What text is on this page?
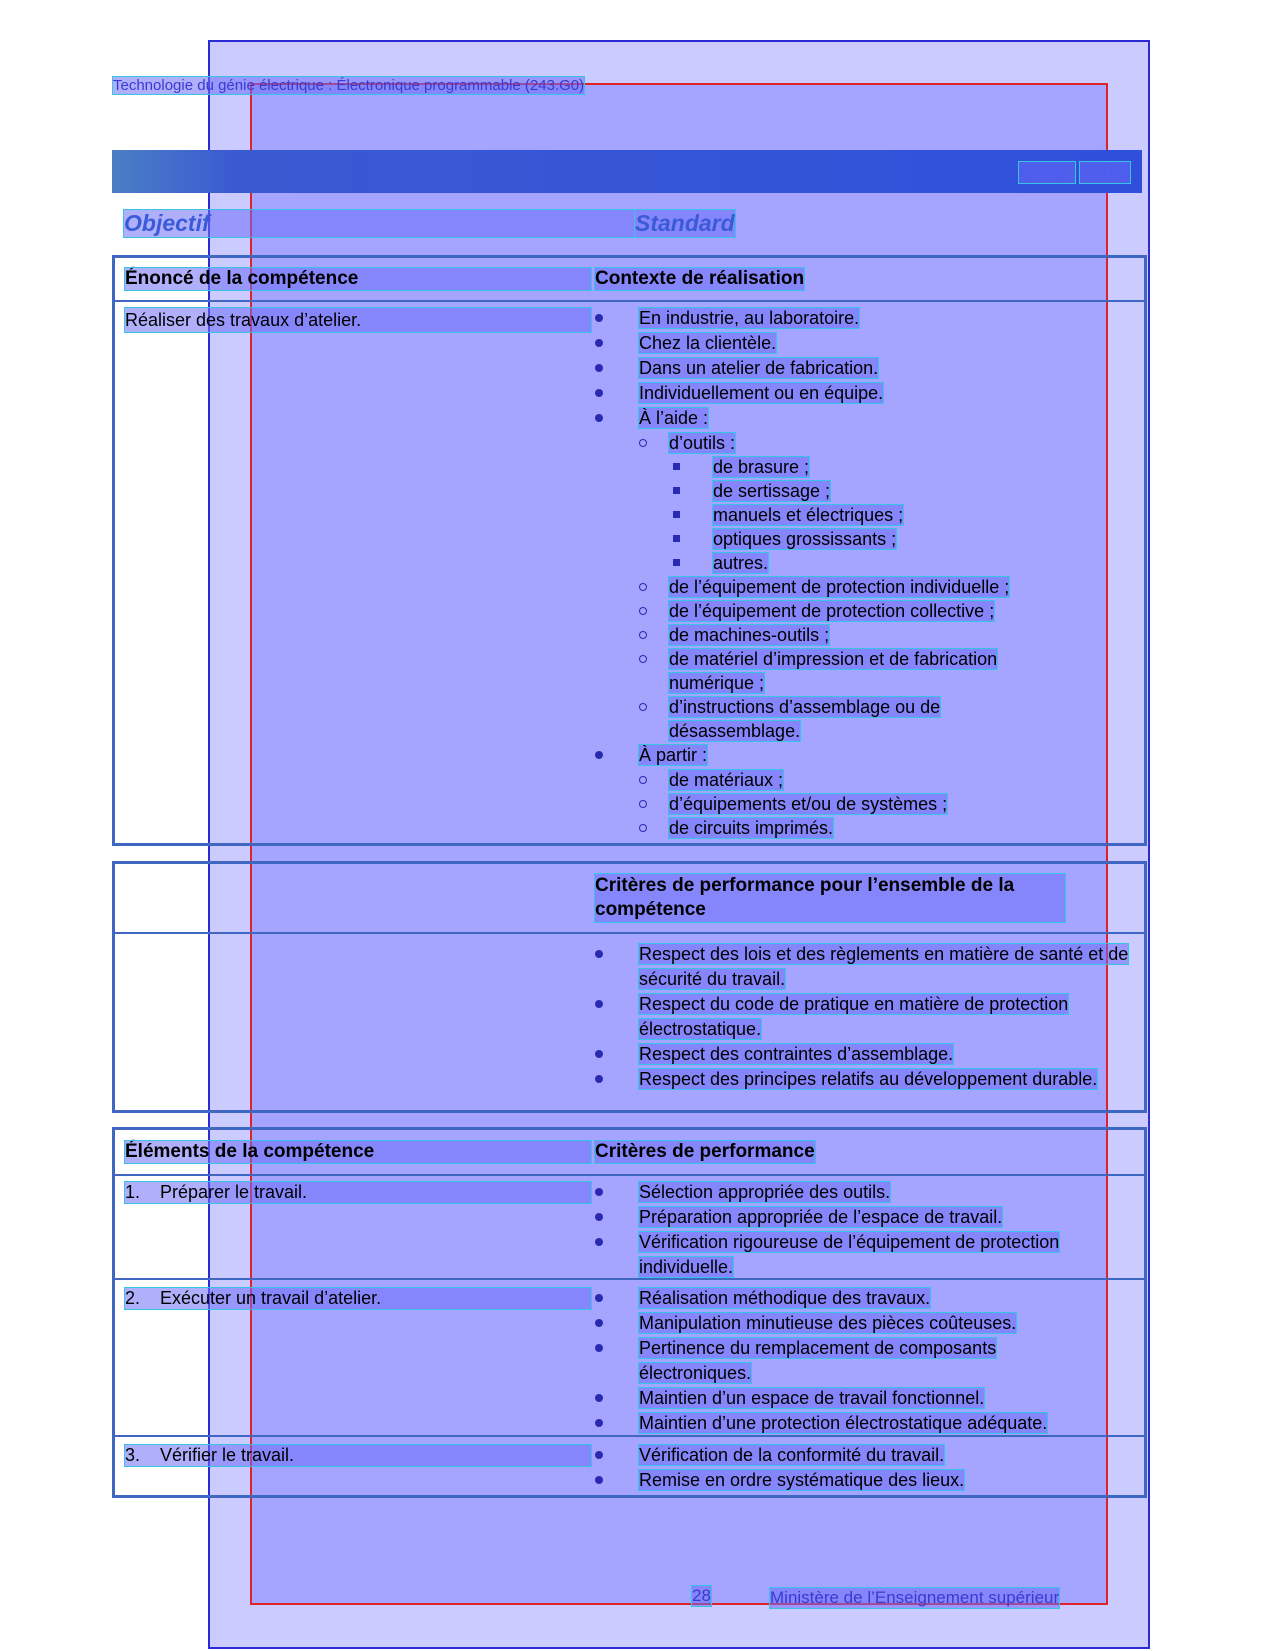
Technologie du génie électrique : Électronique programmable (243.G0)
Code : 02HG
Objectif	Standard
Énoncé de la compétence	Contexte de réalisation
Réaliser des travaux d’atelier.	En industrie, au laboratoire.
Chez la clientèle.
Dans un atelier de fabrication.
Individuellement ou en équipe.
À l’aide :
d’outils :
de brasure ;
de sertissage ;
manuels et électriques ;
optiques grossissants ;
autres.
de l’équipement de protection individuelle ;
de l’équipement de protection collective ;
de machines-outils ;
de matériel d’impression et de fabrication numérique ;
d’instructions d’assemblage ou de désassemblage.
À partir :
de matériaux ;
d’équipements et/ou de systèmes ;
de circuits imprimés.
Critères de performance pour l’ensemble de la compétence
Respect des lois et des règlements en matière de santé et de sécurité du travail.
Respect du code de pratique en matière de protection électrostatique.
Respect des contraintes d’assemblage.
Respect des principes relatifs au développement durable.
Éléments de la compétence	Critères de performance
1. Préparer le travail.	Sélection appropriée des outils.
Préparation appropriée de l’espace de travail.
Vérification rigoureuse de l’équipement de protection individuelle.
2. Exécuter un travail d’atelier.	Réalisation méthodique des travaux.
Manipulation minutieuse des pièces coûteuses.
Pertinence du remplacement de composants électroniques.
Maintien d’un espace de travail fonctionnel.
Maintien d’une protection électrostatique adéquate.
3. Vérifier le travail.	Vérification de la conformité du travail.
Remise en ordre systématique des lieux.
28	Ministère de l’Enseignement supérieur
